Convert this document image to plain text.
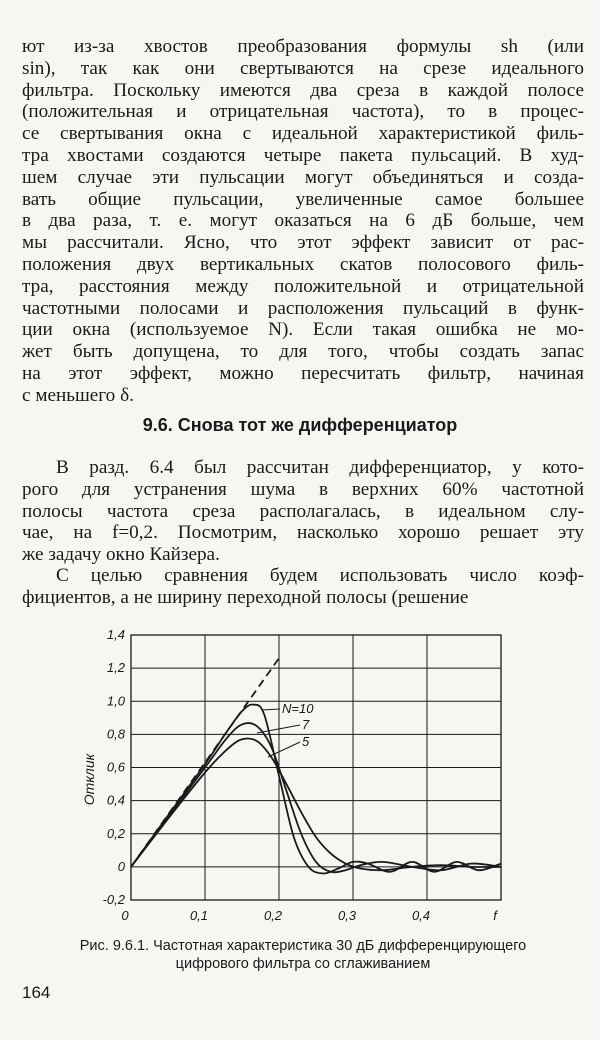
ют из-за хвостов преобразования формулы sh (или
sin), так как они свертываются на срезе идеального
фильтра. Поскольку имеются два среза в каждой полосе
(положительная и отрицательная частота), то в процес-
се свертывания окна с идеальной характеристикой филь-
тра хвостами создаются четыре пакета пульсаций. В худ-
шем случае эти пульсации могут объединяться и созда-
вать общие пульсации, увеличенные самое большее
в два раза, т. е. могут оказаться на 6 дБ больше, чем
мы рассчитали. Ясно, что этот эффект зависит от рас-
положения двух вертикальных скатов полосового филь-
тра, расстояния между положительной и отрицательной
частотными полосами и расположения пульсаций в функ-
ции окна (используемое N). Если такая ошибка не мо-
жет быть допущена, то для того, чтобы создать запас
на этот эффект, можно пересчитать фильтр, начиная
с меньшего δ.

9.6. Снова тот же дифференциатор

В разд. 6.4 был рассчитан дифференциатор, у кото-
рого для устранения шума в верхних 60% частотной
полосы частота среза располагалась, в идеальном слу-
чае, на f=0,2. Посмотрим, насколько хорошо решает эту
же задачу окно Кайзера.

С целью сравнения будем использовать число коэф-
фициентов, а не ширину переходной полосы (решение

1,4
1,2
1,0
0,8
0,6
0,4
0,2
0
-0,2
0	0,1	0,2	0,3	0,4	f
Отклик
N=10
7
5

Рис. 9.6.1. Частотная характеристика 30 дБ дифференцирующего
цифрового фильтра со сглаживанием

164
